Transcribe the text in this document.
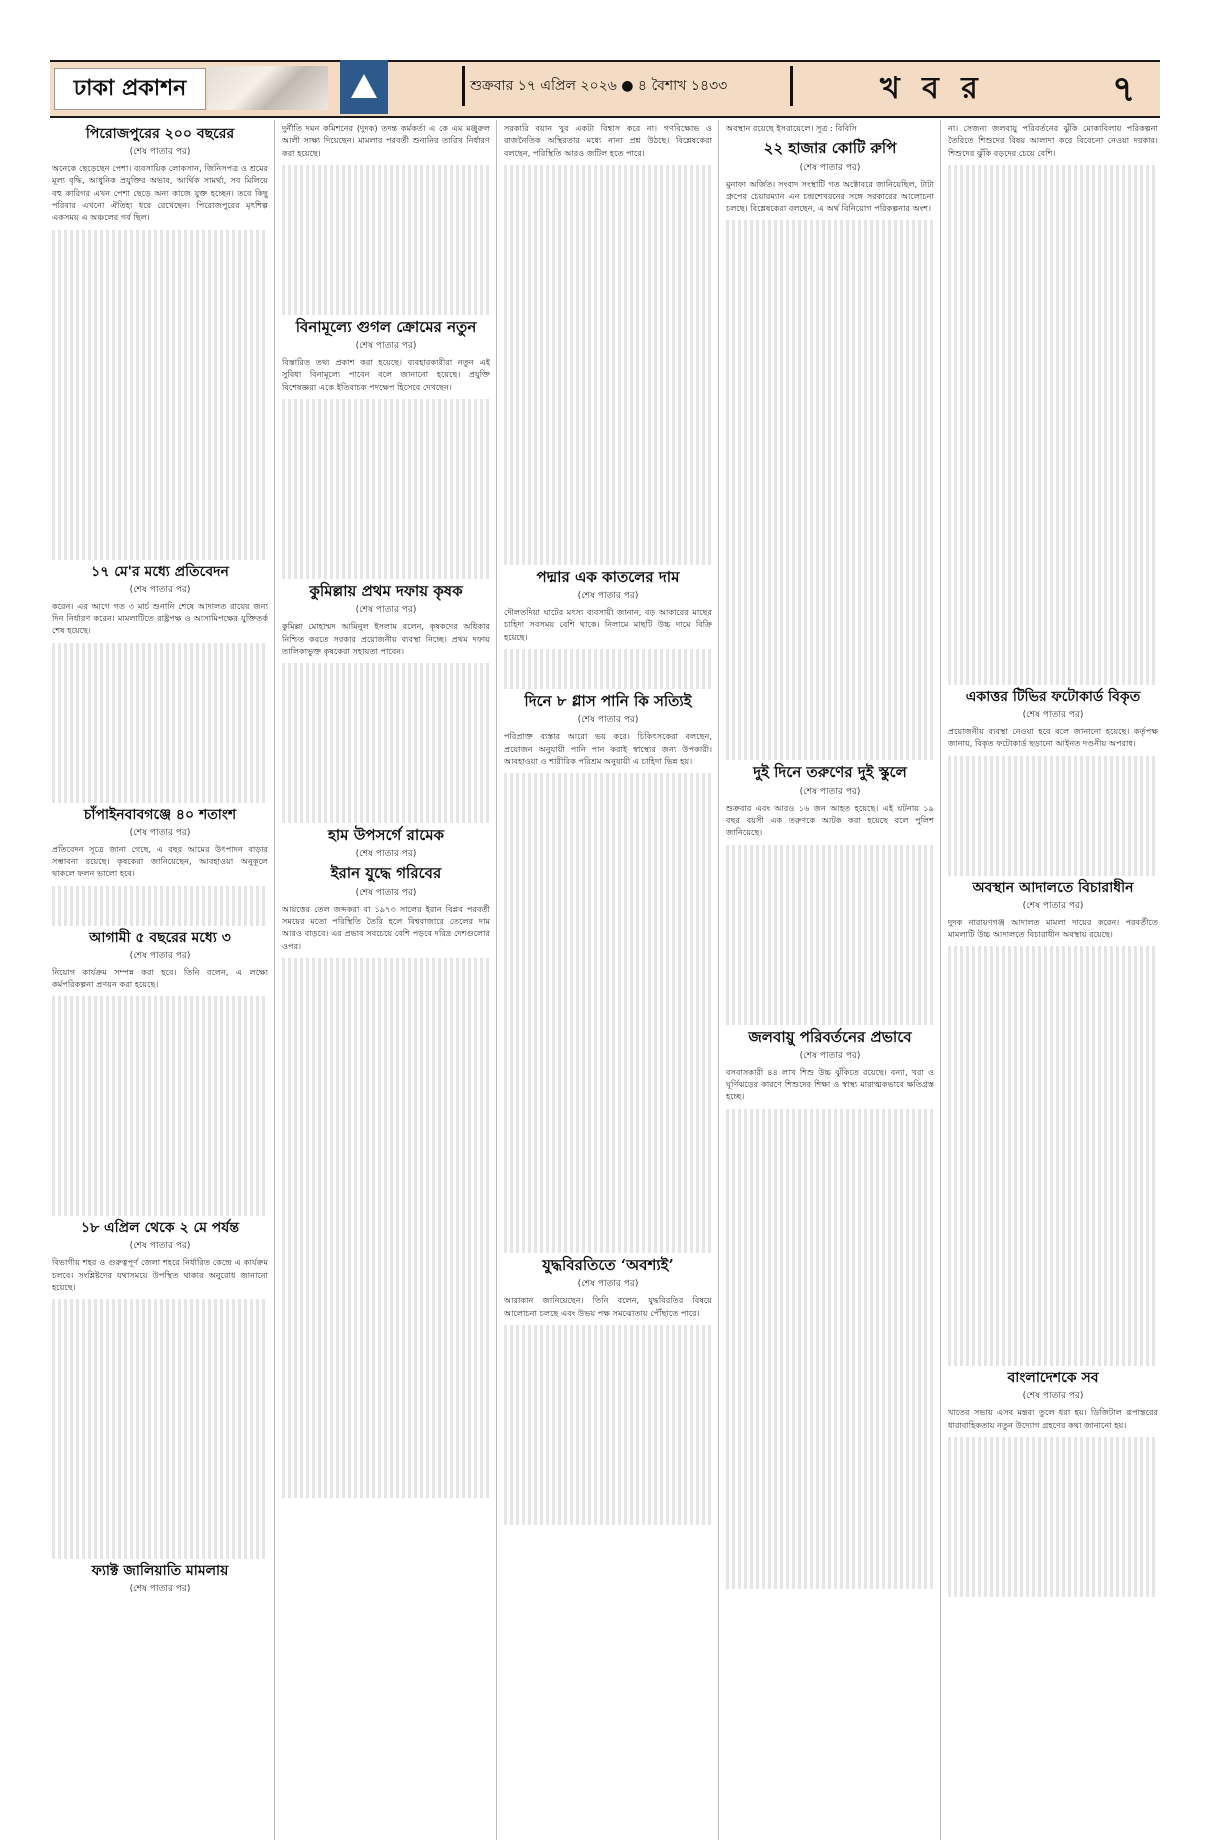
ঢাকা প্রকাশন	শুক্রবার ১৭ এপ্রিল ২০২৬ ● ৪ বৈশাখ ১৪৩৩	খ ব র	৭
পিরোজপুরের ২০০ বছরের
(শেষ পাতার পর)

অনেকে ছেড়েছেন পেশা। ব্যবসায়িক লোকসান, জিনিসপত্র ও শ্রমের মূল্য বৃদ্ধি, আধুনিক প্রযুক্তির অভাব, আর্থিক সামর্থ্য, সব মিলিয়ে বহু কারিগর এখন পেশা ছেড়ে অন্য কাজে যুক্ত হচ্ছেন। তবে কিছু পরিবার এখনো ঐতিহ্য ধরে রেখেছেন। পিরোজপুরের মৃৎশিল্প একসময় এ অঞ্চলের গর্ব ছিল।

১৭ মে'র মধ্যে প্রতিবেদন
(শেষ পাতার পর)

করেন। এর আগে গত ৩ মার্চ শুনানি শেষে আদালত রায়ের জন্য দিন নির্ধারণ করেন। মামলাটিতে রাষ্ট্রপক্ষ ও আসামিপক্ষের যুক্তিতর্ক শেষ হয়েছে।

চাঁপাইনবাবগঞ্জে ৪০ শতাংশ
(শেষ পাতার পর)

প্রতিবেদন সূত্রে জানা গেছে, এ বছর আমের উৎপাদন বাড়ার সম্ভাবনা রয়েছে। কৃষকেরা জানিয়েছেন, আবহাওয়া অনুকূলে থাকলে ফলন ভালো হবে।

আগামী ৫ বছরের মধ্যে ৩
(শেষ পাতার পর)

নিয়োগ কার্যক্রম সম্পন্ন করা হবে। তিনি বলেন, এ লক্ষ্যে কর্মপরিকল্পনা প্রণয়ন করা হয়েছে।

১৮ এপ্রিল থেকে ২ মে পর্যন্ত
(শেষ পাতার পর)

বিভাগীয় শহর ও গুরুত্বপূর্ণ জেলা শহরে নির্ধারিত কেন্দ্রে এ কার্যক্রম চলবে। সংশ্লিষ্টদের যথাসময়ে উপস্থিত থাকার অনুরোধ জানানো হয়েছে।

ফ্যাক্ট জালিয়াতি মামলায়
(শেষ পাতার পর)

দুর্নীতি দমন কমিশনের (দুদক) তদন্ত কর্মকর্তা এ কে এম মঞ্জুরুল আলী সাক্ষ্য দিয়েছেন। মামলার পরবর্তী শুনানির তারিখ নির্ধারণ করা হয়েছে।

বিনামূল্যে গুগল ক্রোমের নতুন
(শেষ পাতার পর)

বিস্তারিত তথ্য প্রকাশ করা হয়েছে। ব্যবহারকারীরা নতুন এই সুবিধা বিনামূল্যে পাবেন বলে জানানো হয়েছে। প্রযুক্তি বিশেষজ্ঞরা একে ইতিবাচক পদক্ষেপ হিসেবে দেখছেন।

কুমিল্লায় প্রথম দফায় কৃষক
(শেষ পাতার পর)

কুমিল্লা মোহাম্মদ আমিনুল ইসলাম বলেন, কৃষকদের অধিকার নিশ্চিত করতে সরকার প্রয়োজনীয় ব্যবস্থা নিচ্ছে। প্রথম দফায় তালিকাভুক্ত কৃষকেরা সহায়তা পাবেন।

হাম উপসর্গে রামেক
(শেষ পাতার পর)
ইরান যুদ্ধে গরিবের
(শেষ পাতার পর)

আয়ত্তের তেল জব্দকরা বা ১৯৭৩ সালের ইরান বিপ্লব পরবর্তী সময়ের মতো পরিস্থিতি তৈরি হলে বিশ্ববাজারে তেলের দাম আরও বাড়বে। এর প্রভাব সবচেয়ে বেশি পড়বে দরিদ্র দেশগুলোর ওপর।

সরকারি বয়ান খুব একটা বিশ্বাস করে না। গণবিক্ষোভ ও রাজনৈতিক অস্থিরতার মধ্যে নানা প্রশ্ন উঠছে। বিশ্লেষকেরা বলছেন, পরিস্থিতি আরও জটিল হতে পারে।

পদ্মার এক কাতলের দাম
(শেষ পাতার পর)

দৌলতদিয়া ঘাটের মৎস্য ব্যবসায়ী জানান, বড় আকারের মাছের চাহিদা সবসময় বেশি থাকে। নিলামে মাছটি উচ্চ দামে বিক্রি হয়েছে।

দিনে ৮ গ্লাস পানি কি সত্যিই
(শেষ পাতার পর)

পরিপ্রাক্ত ব্যস্তার আরো ভয় করে। চিকিৎসকেরা বলছেন, প্রয়োজন অনুযায়ী পানি পান করাই স্বাস্থ্যের জন্য উপকারী। আবহাওয়া ও শারীরিক পরিশ্রম অনুযায়ী এ চাহিদা ভিন্ন হয়।

যুদ্ধবিরতিতে ‘অবশ্যই’
(শেষ পাতার পর)

আরাকান জানিয়েছেন। তিনি বলেন, যুদ্ধবিরতির বিষয়ে আলোচনা চলছে এবং উভয় পক্ষ সমঝোতায় পৌঁছাতে পারে।

অবস্থান রয়েছে ইসরায়েলে। সূত্র : বিবিসি

২২ হাজার কোটি রুপি
(শেষ পাতার পর)

মুনাফা অর্জিত। সংবাদ সংস্থাটি গত অক্টোবরে জানিয়েছিল, টাটা গ্রুপের চেয়ারম্যান এন চন্দ্রশেখরনের সঙ্গে সরকারের আলোচনা চলছে। বিশ্লেষকেরা বলছেন, এ অর্থ বিনিয়োগ পরিকল্পনার অংশ।

দুই দিনে তরুণের দুই স্কুলে
(শেষ পাতার পর)

শুক্রবার এবং আরও ১৬ জন আহত হয়েছে। এই ঘটনায় ১৯ বছর বয়সী এক তরুণকে আটক করা হয়েছে বলে পুলিশ জানিয়েছে।

জলবায়ু পরিবর্তনের প্রভাবে
(শেষ পাতার পর)

বসবাসকারী ৪৪ লাখ শিশু উচ্চ ঝুঁকিতে রয়েছে। বন্যা, খরা ও ঘূর্ণিঝড়ের কারণে শিশুদের শিক্ষা ও স্বাস্থ্য মারাত্মকভাবে ক্ষতিগ্রস্ত হচ্ছে।

না। সেজন্য জলবায়ু পরিবর্তনের ঝুঁকি মোকাবিলায় পরিকল্পনা তৈরিতে শিশুদের বিষয় আলাদা করে বিবেচনা নেওয়া দরকার। শিশুদের ঝুঁকি বড়দের চেয়ে বেশি।

একাত্তর টিভির ফটোকার্ড বিকৃত
(শেষ পাতার পর)

প্রয়োজনীয় ব্যবস্থা নেওয়া হবে বলে জানানো হয়েছে। কর্তৃপক্ষ জানায়, বিকৃত ফটোকার্ড ছড়ানো আইনত দণ্ডনীয় অপরাধ।

অবস্থান আদালতে বিচারাধীন
(শেষ পাতার পর)

দুদক নারায়ণগঞ্জ আদালত মামলা দায়ের করেন। পরবর্তীতে মামলাটি উচ্চ আদালতে বিচারাধীন অবস্থায় রয়েছে।

বাংলাদেশকে সব
(শেষ পাতার পর)

খাতের সভায় এসব মন্তব্য তুলে ধরা হয়। ডিজিটাল রূপান্তরের ধারাবাহিকতায় নতুন উদ্যোগ গ্রহণের কথা জানানো হয়।
